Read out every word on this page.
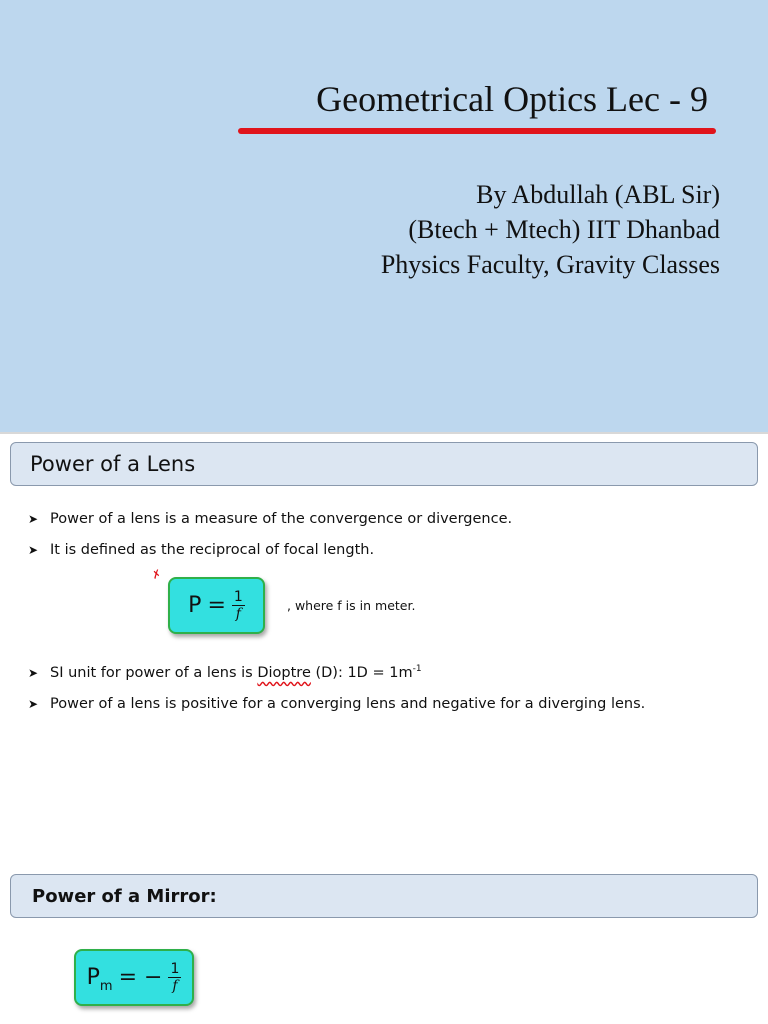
Geometrical Optics Lec - 9
By Abdullah (ABL Sir)
(Btech + Mtech) IIT Dhanbad
Physics Faculty, Gravity Classes
Power of a Lens
➤ Power of a lens is a measure of the convergence or divergence.
➤ It is defined as the reciprocal of focal length.
✗
$P = \frac{1}{f}$	, where f is in meter.
➤ SI unit for power of a lens is Dioptre (D): $1D = 1m^{-1}$
➤ Power of a lens is positive for a converging lens and negative for a diverging lens.
Power of a Mirror:
$P_m$ = − $\frac{1}{f}$
